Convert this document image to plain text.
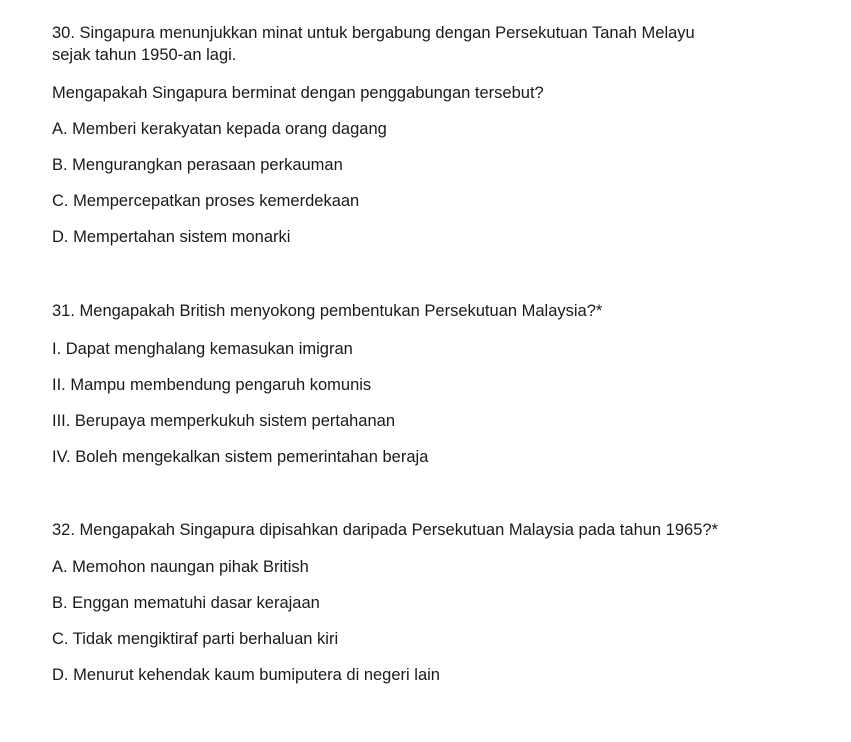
30. Singapura menunjukkan minat untuk bergabung dengan Persekutuan Tanah Melayu
sejak tahun 1950-an lagi.
Mengapakah Singapura berminat dengan penggabungan tersebut?
A. Memberi kerakyatan kepada orang dagang
B. Mengurangkan perasaan perkauman
C. Mempercepatkan proses kemerdekaan
D. Mempertahan sistem monarki
31. Mengapakah British menyokong pembentukan Persekutuan Malaysia?*
I. Dapat menghalang kemasukan imigran
II. Mampu membendung pengaruh komunis
III. Berupaya memperkukuh sistem pertahanan
IV. Boleh mengekalkan sistem pemerintahan beraja
32. Mengapakah Singapura dipisahkan daripada Persekutuan Malaysia pada tahun 1965?*
A. Memohon naungan pihak British
B. Enggan mematuhi dasar kerajaan
C. Tidak mengiktiraf parti berhaluan kiri
D. Menurut kehendak kaum bumiputera di negeri lain
